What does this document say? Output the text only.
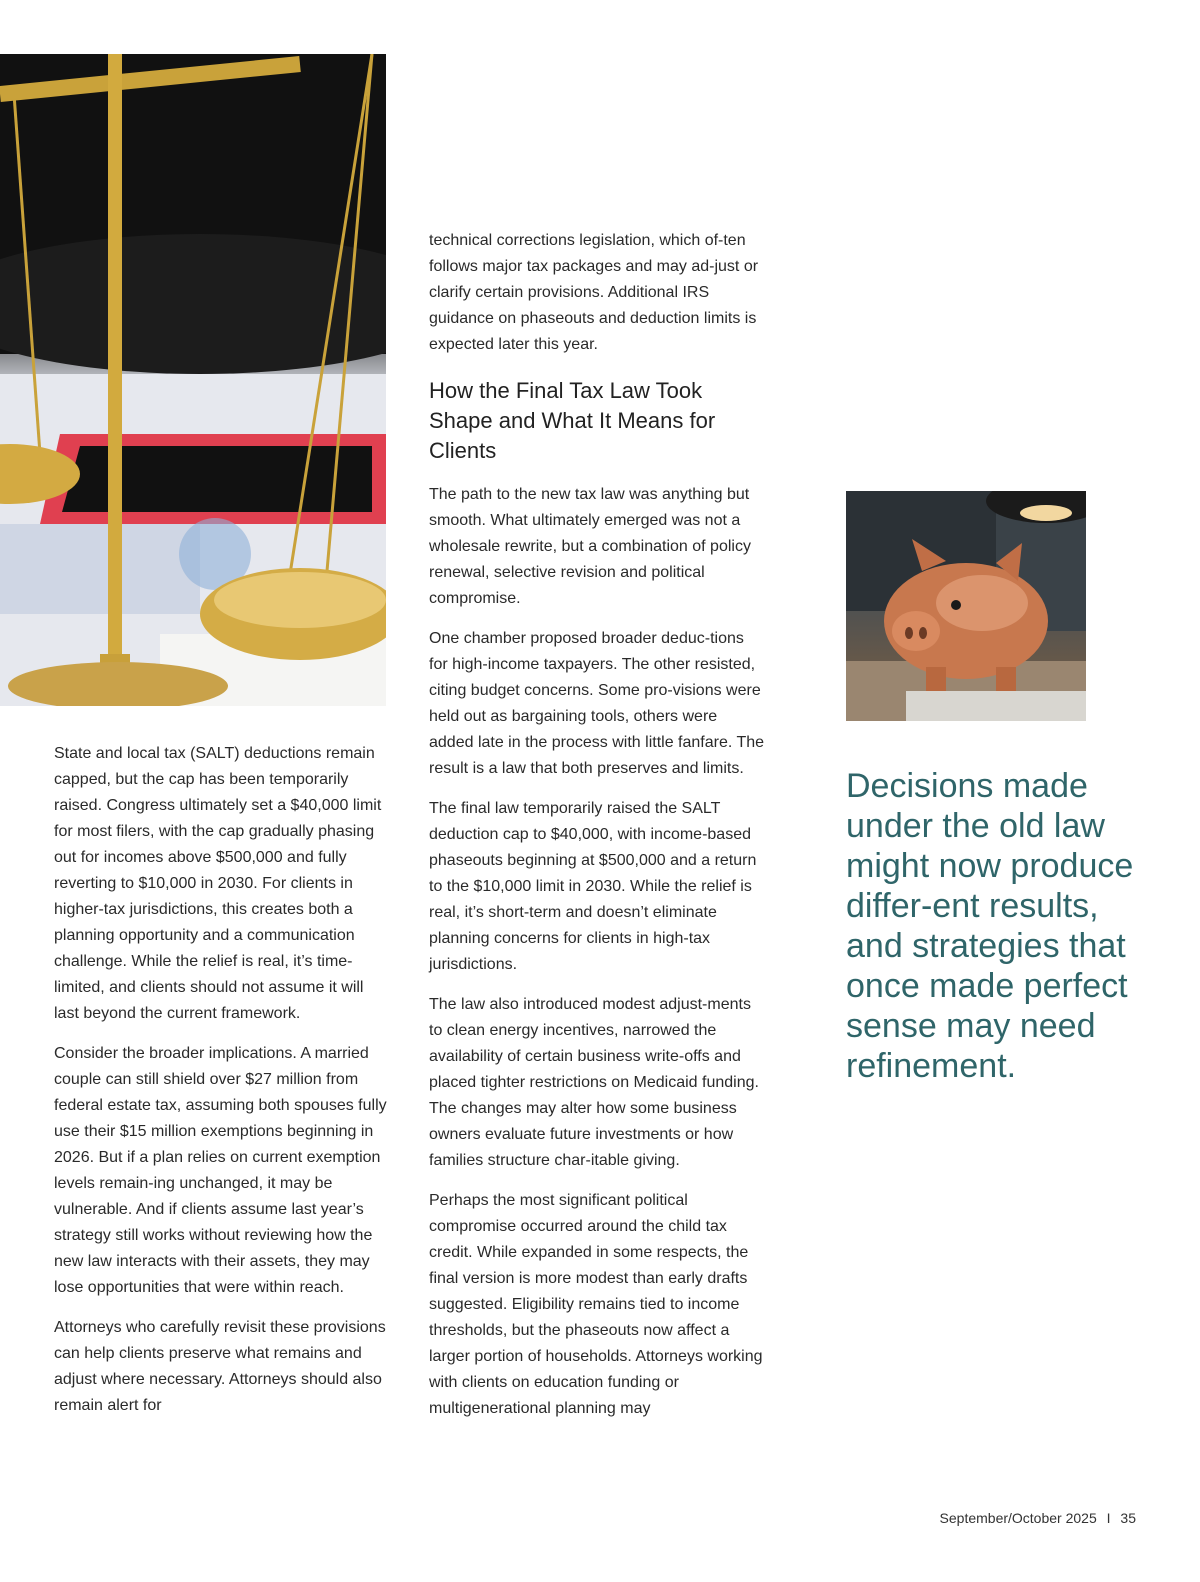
State and local tax (SALT) deductions remain capped, but the cap has been temporarily raised. Congress ultimately set a $40,000 limit for most filers, with the cap gradually phasing out for incomes above $500,000 and fully reverting to $10,000 in 2030. For clients in higher-tax jurisdictions, this creates both a planning opportunity and a communication challenge. While the relief is real, it’s time-limited, and clients should not assume it will last beyond the current framework.

Consider the broader implications. A married couple can still shield over $27 million from federal estate tax, assuming both spouses fully use their $15 million exemptions beginning in 2026. But if a plan relies on current exemption levels remain-ing unchanged, it may be vulnerable. And if clients assume last year’s strategy still works without reviewing how the new law interacts with their assets, they may lose opportunities that were within reach.

Attorneys who carefully revisit these provisions can help clients preserve what remains and adjust where necessary. Attorneys should also remain alert for

technical corrections legislation, which of-ten follows major tax packages and may ad-just or clarify certain provisions. Additional IRS guidance on phaseouts and deduction limits is expected later this year.

How the Final Tax Law Took Shape and What It Means for Clients

The path to the new tax law was anything but smooth. What ultimately emerged was not a wholesale rewrite, but a combination of policy renewal, selective revision and political compromise.

One chamber proposed broader deduc-tions for high-income taxpayers. The other resisted, citing budget concerns. Some pro-visions were held out as bargaining tools, others were added late in the process with little fanfare. The result is a law that both preserves and limits.

The final law temporarily raised the SALT deduction cap to $40,000, with income-based phaseouts beginning at $500,000 and a return to the $10,000 limit in 2030. While the relief is real, it’s short-term and doesn’t eliminate planning concerns for clients in high-tax jurisdictions.

The law also introduced modest adjust-ments to clean energy incentives, narrowed the availability of certain business write-offs and placed tighter restrictions on Medicaid funding. The changes may alter how some business owners evaluate future investments or how families structure char-itable giving.

Perhaps the most significant political compromise occurred around the child tax credit. While expanded in some respects, the final version is more modest than early drafts suggested. Eligibility remains tied to income thresholds, but the phaseouts now affect a larger portion of households. Attorneys working with clients on education funding or multigenerational planning may

Decisions made under the old law might now produce differ-ent results, and strategies that once made perfect sense may need refinement.
September/October 2025 I 35
